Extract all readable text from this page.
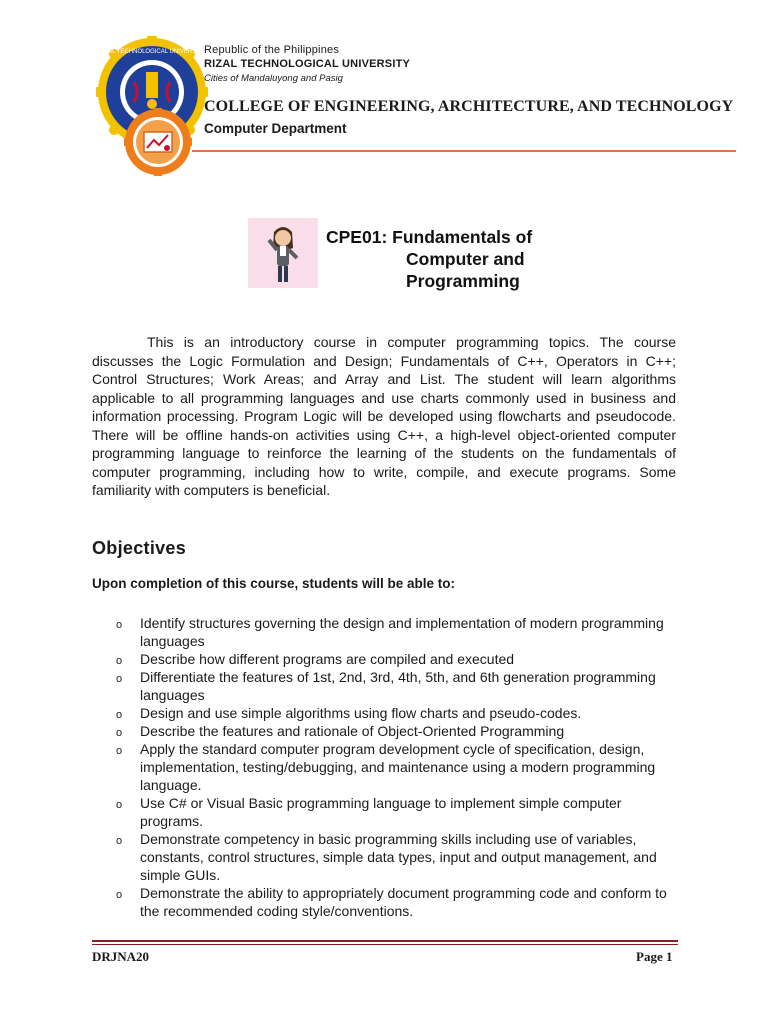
RIZAL TECHNOLOGICAL UNIVERSITY
Republic of the Philippines
RIZAL TECHNOLOGICAL UNIVERSITY
Cities of Mandaluyong and Pasig
COLLEGE OF ENGINEERING, ARCHITECTURE, AND TECHNOLOGY
Computer Department
CPE01: Fundamentals of
Computer and
Programming
This is an introductory course in computer programming topics. The course discusses the Logic Formulation and Design; Fundamentals of C++, Operators in C++; Control Structures; Work Areas; and Array and List. The student will learn algorithms applicable to all programming languages and use charts commonly used in business and information processing. Program Logic will be developed using flowcharts and pseudocode. There will be offline hands-on activities using C++, a high-level object-oriented computer programming language to reinforce the learning of the students on the fundamentals of computer programming, including how to write, compile, and execute programs. Some familiarity with computers is beneficial.
Objectives
Upon completion of this course, students will be able to:
o Identify structures governing the design and implementation of modern programming languages
o Describe how different programs are compiled and executed
o Differentiate the features of 1st, 2nd, 3rd, 4th, 5th, and 6th generation programming languages
o Design and use simple algorithms using flow charts and pseudo-codes.
o Describe the features and rationale of Object-Oriented Programming
o Apply the standard computer program development cycle of specification, design, implementation, testing/debugging, and maintenance using a modern programming language.
o Use C# or Visual Basic programming language to implement simple computer programs.
o Demonstrate competency in basic programming skills including use of variables, constants, control structures, simple data types, input and output management, and simple GUIs.
o Demonstrate the ability to appropriately document programming code and conform to the recommended coding style/conventions.
DRJNA20	Page 1
